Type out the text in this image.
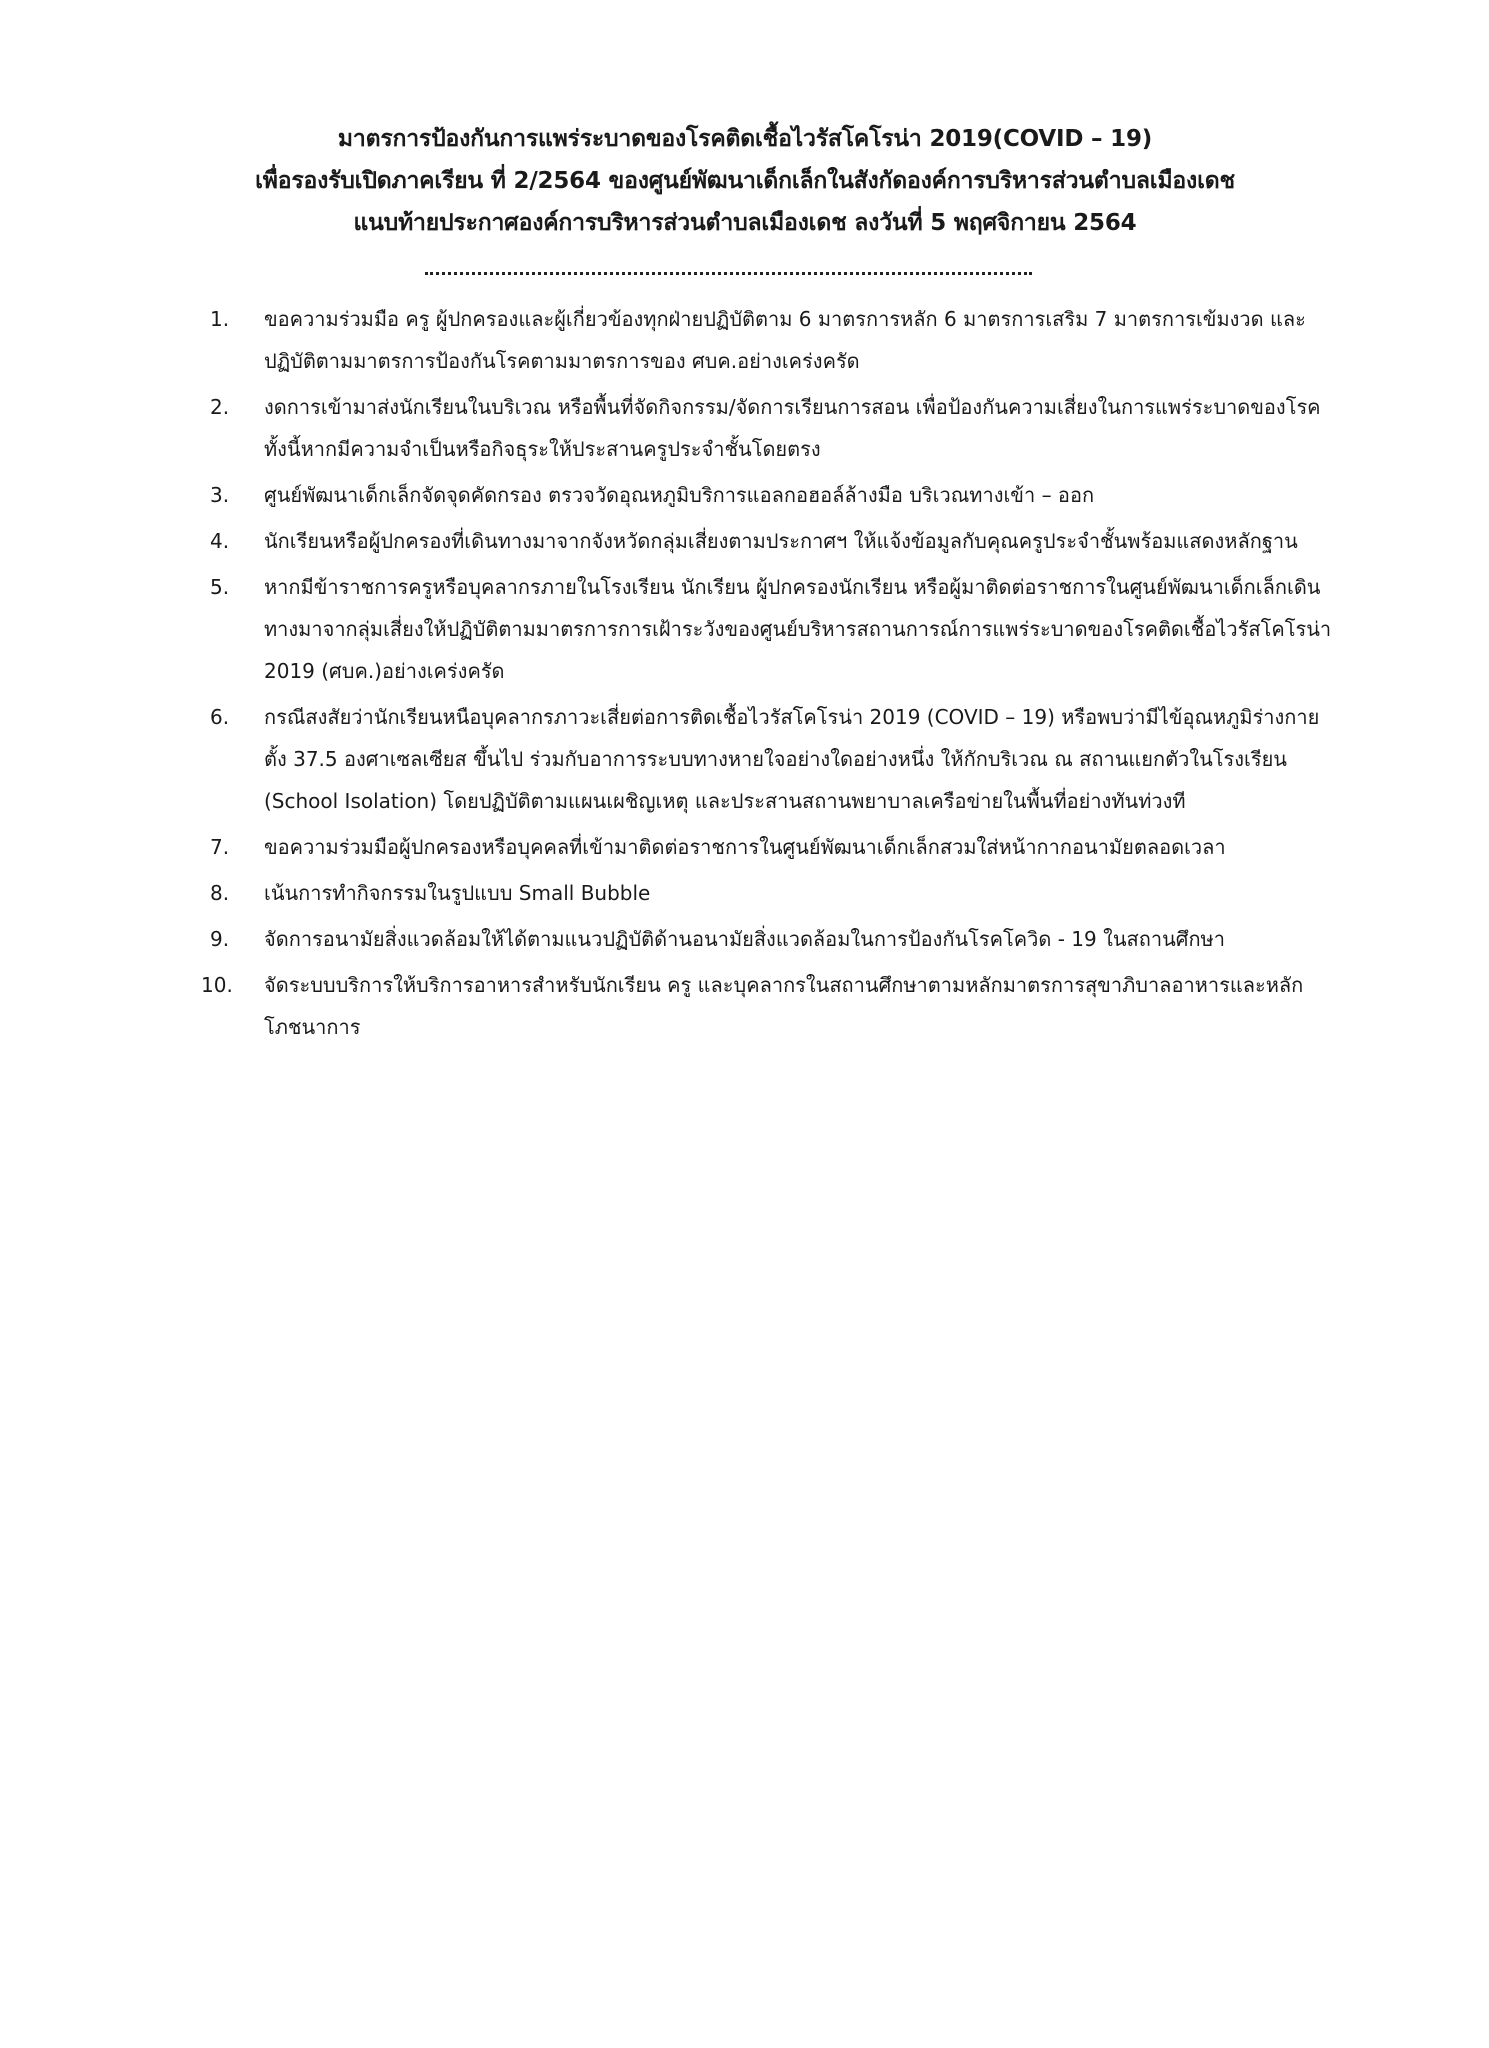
มาตรการป้องกันการแพร่ระบาดของโรคติดเชื้อไวรัสโคโรน่า 2019(COVID – 19)
เพื่อรองรับเปิดภาคเรียน ที่ 2/2564 ของศูนย์พัฒนาเด็กเล็กในสังกัดองค์การบริหารส่วนตำบลเมืองเดช
แนบท้ายประกาศองค์การบริหารส่วนตำบลเมืองเดช ลงวันที่ 5 พฤศจิกายน 2564
1.	ขอความร่วมมือ ครู ผู้ปกครองและผู้เกี่ยวข้องทุกฝ่ายปฏิบัติตาม 6 มาตรการหลัก 6 มาตรการเสริม 7 มาตรการเข้มงวด และปฏิบัติตามมาตรการป้องกันโรคตามมาตรการของ ศบค.อย่างเคร่งครัด
2.	งดการเข้ามาส่งนักเรียนในบริเวณ หรือพื้นที่จัดกิจกรรม/จัดการเรียนการสอน เพื่อป้องกันความเสี่ยงในการแพร่ระบาดของโรค ทั้งนี้หากมีความจำเป็นหรือกิจธุระให้ประสานครูประจำชั้นโดยตรง
3.	ศูนย์พัฒนาเด็กเล็กจัดจุดคัดกรอง ตรวจวัดอุณหภูมิบริการแอลกอฮอล์ล้างมือ บริเวณทางเข้า – ออก
4.	นักเรียนหรือผู้ปกครองที่เดินทางมาจากจังหวัดกลุ่มเสี่ยงตามประกาศฯ ให้แจ้งข้อมูลกับคุณครูประจำชั้นพร้อมแสดงหลักฐาน
5.	หากมีข้าราชการครูหรือบุคลากรภายในโรงเรียน นักเรียน ผู้ปกครองนักเรียน หรือผู้มาติดต่อราชการในศูนย์พัฒนาเด็กเล็กเดินทางมาจากลุ่มเสี่ยงให้ปฏิบัติตามมาตรการการเฝ้าระวังของศูนย์บริหารสถานการณ์การแพร่ระบาดของโรคติดเชื้อไวรัสโคโรน่า 2019 (ศบค.)อย่างเคร่งครัด
6.	กรณีสงสัยว่านักเรียนหนือบุคลากรภาวะเสี่ยต่อการติดเชื้อไวรัสโคโรน่า 2019 (COVID – 19) หรือพบว่ามีไข้อุณหภูมิร่างกายตั้ง 37.5 องศาเซลเซียส ขึ้นไป ร่วมกับอาการระบบทางหายใจอย่างใดอย่างหนึ่ง ให้กักบริเวณ ณ สถานแยกตัวในโรงเรียน (School Isolation) โดยปฏิบัติตามแผนเผชิญเหตุ และประสานสถานพยาบาลเครือข่ายในพื้นที่อย่างทันท่วงที
7.	ขอความร่วมมือผู้ปกครองหรือบุคคลที่เข้ามาติดต่อราชการในศูนย์พัฒนาเด็กเล็กสวมใส่หน้ากากอนามัยตลอดเวลา
8.	เน้นการทำกิจกรรมในรูปแบบ Small Bubble
9.	จัดการอนามัยสิ่งแวดล้อมให้ได้ตามแนวปฏิบัติด้านอนามัยสิ่งแวดล้อมในการป้องกันโรคโควิด - 19 ในสถานศึกษา
10.	จัดระบบบริการให้บริการอาหารสำหรับนักเรียน ครู และบุคลากรในสถานศึกษาตามหลักมาตรการสุขาภิบาลอาหารและหลักโภชนาการ
